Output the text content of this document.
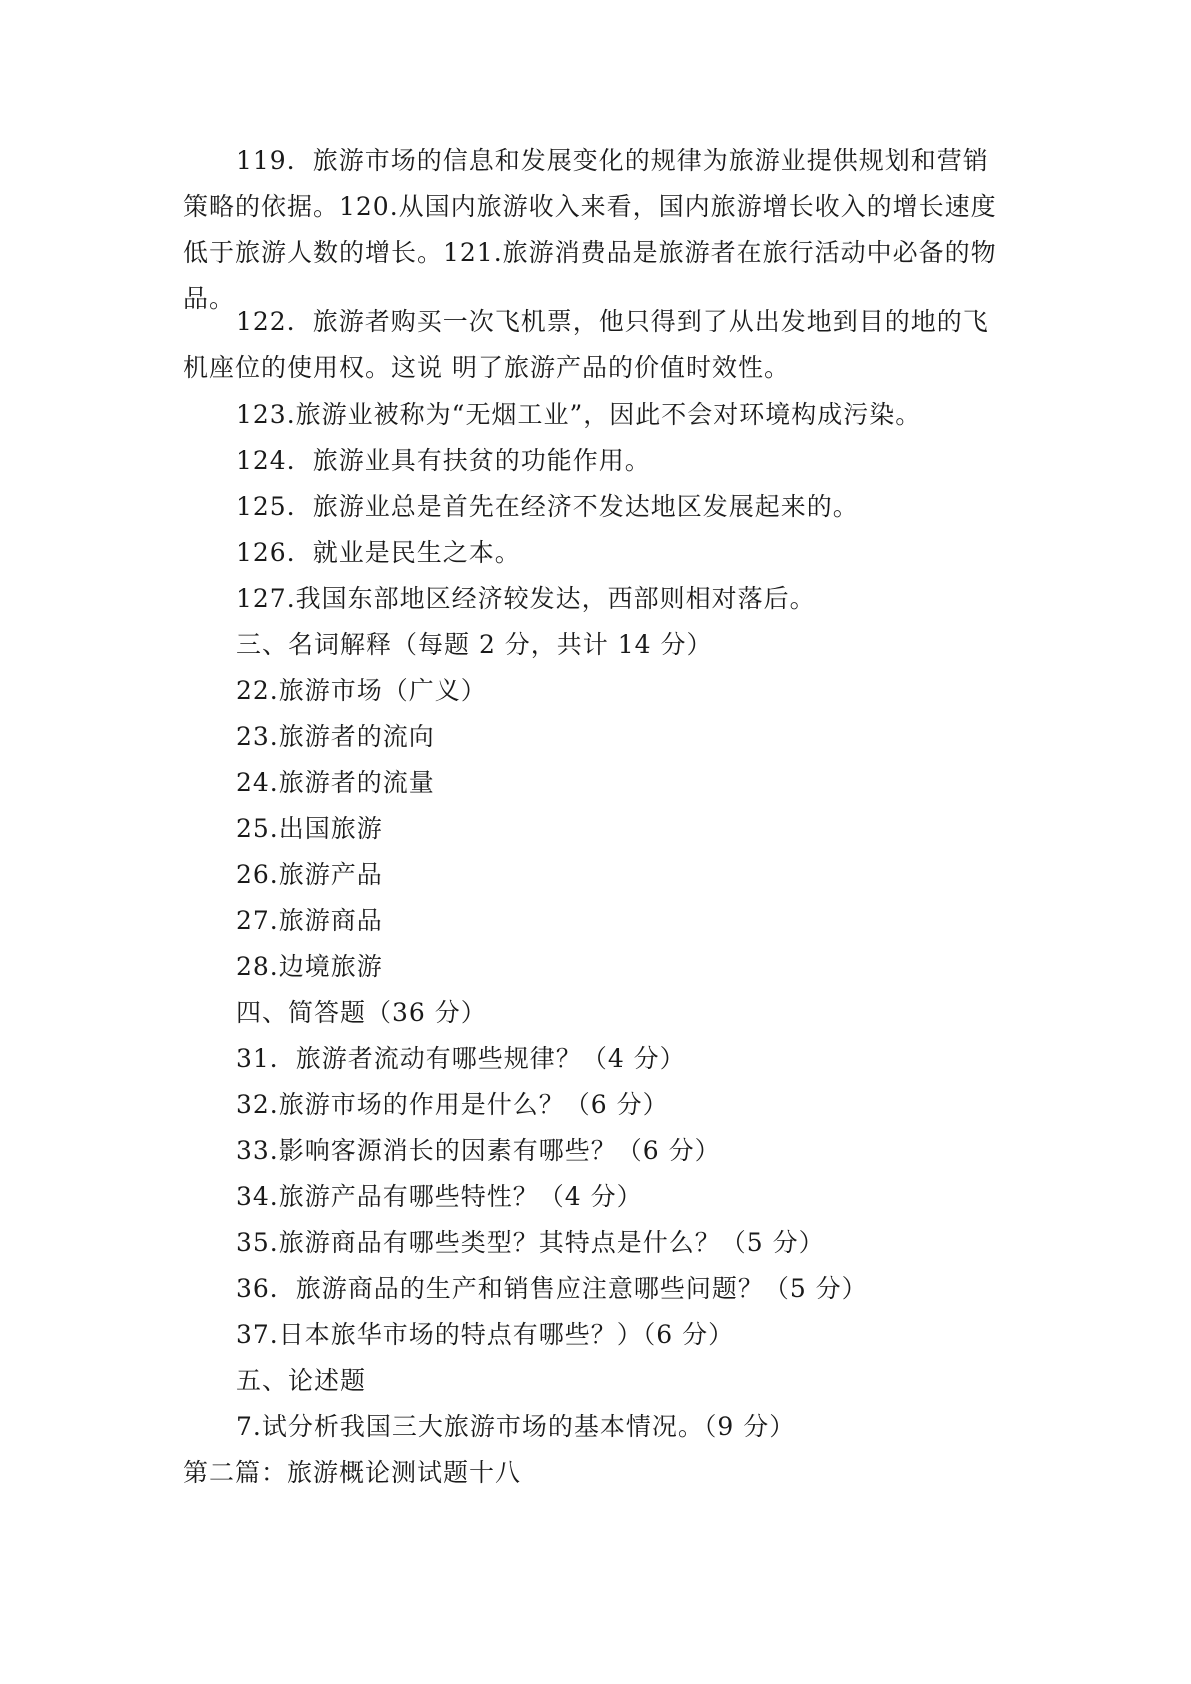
119．旅游市场的信息和发展变化的规律为旅游业提供规划和营销策略的依据。120.从国内旅游收入来看，国内旅游增长收入的增长速度低于旅游人数的增长。121.旅游消费品是旅游者在旅行活动中必备的物品。

122．旅游者购买一次飞机票，他只得到了从出发地到目的地的飞机座位的使用权。这说 明了旅游产品的价值时效性。

123.旅游业被称为“无烟工业”，因此不会对环境构成污染。

124．旅游业具有扶贫的功能作用。

125．旅游业总是首先在经济不发达地区发展起来的。

126．就业是民生之本。

127.我国东部地区经济较发达，西部则相对落后。

三、名词解释（每题 2 分，共计 14 分）

22.旅游市场（广义）

23.旅游者的流向

24.旅游者的流量

25.出国旅游

26.旅游产品

27.旅游商品

28.边境旅游

四、简答题（36 分）

31．旅游者流动有哪些规律？（4 分）

32.旅游市场的作用是什么？（6 分）

33.影响客源消长的因素有哪些？（6 分）

34.旅游产品有哪些特性？（4 分）

35.旅游商品有哪些类型？其特点是什么？（5 分）

36．旅游商品的生产和销售应注意哪些问题？（5 分）

37.日本旅华市场的特点有哪些？）（6 分）

五、论述题

7.试分析我国三大旅游市场的基本情况。（9 分）

第二篇：旅游概论测试题十八
